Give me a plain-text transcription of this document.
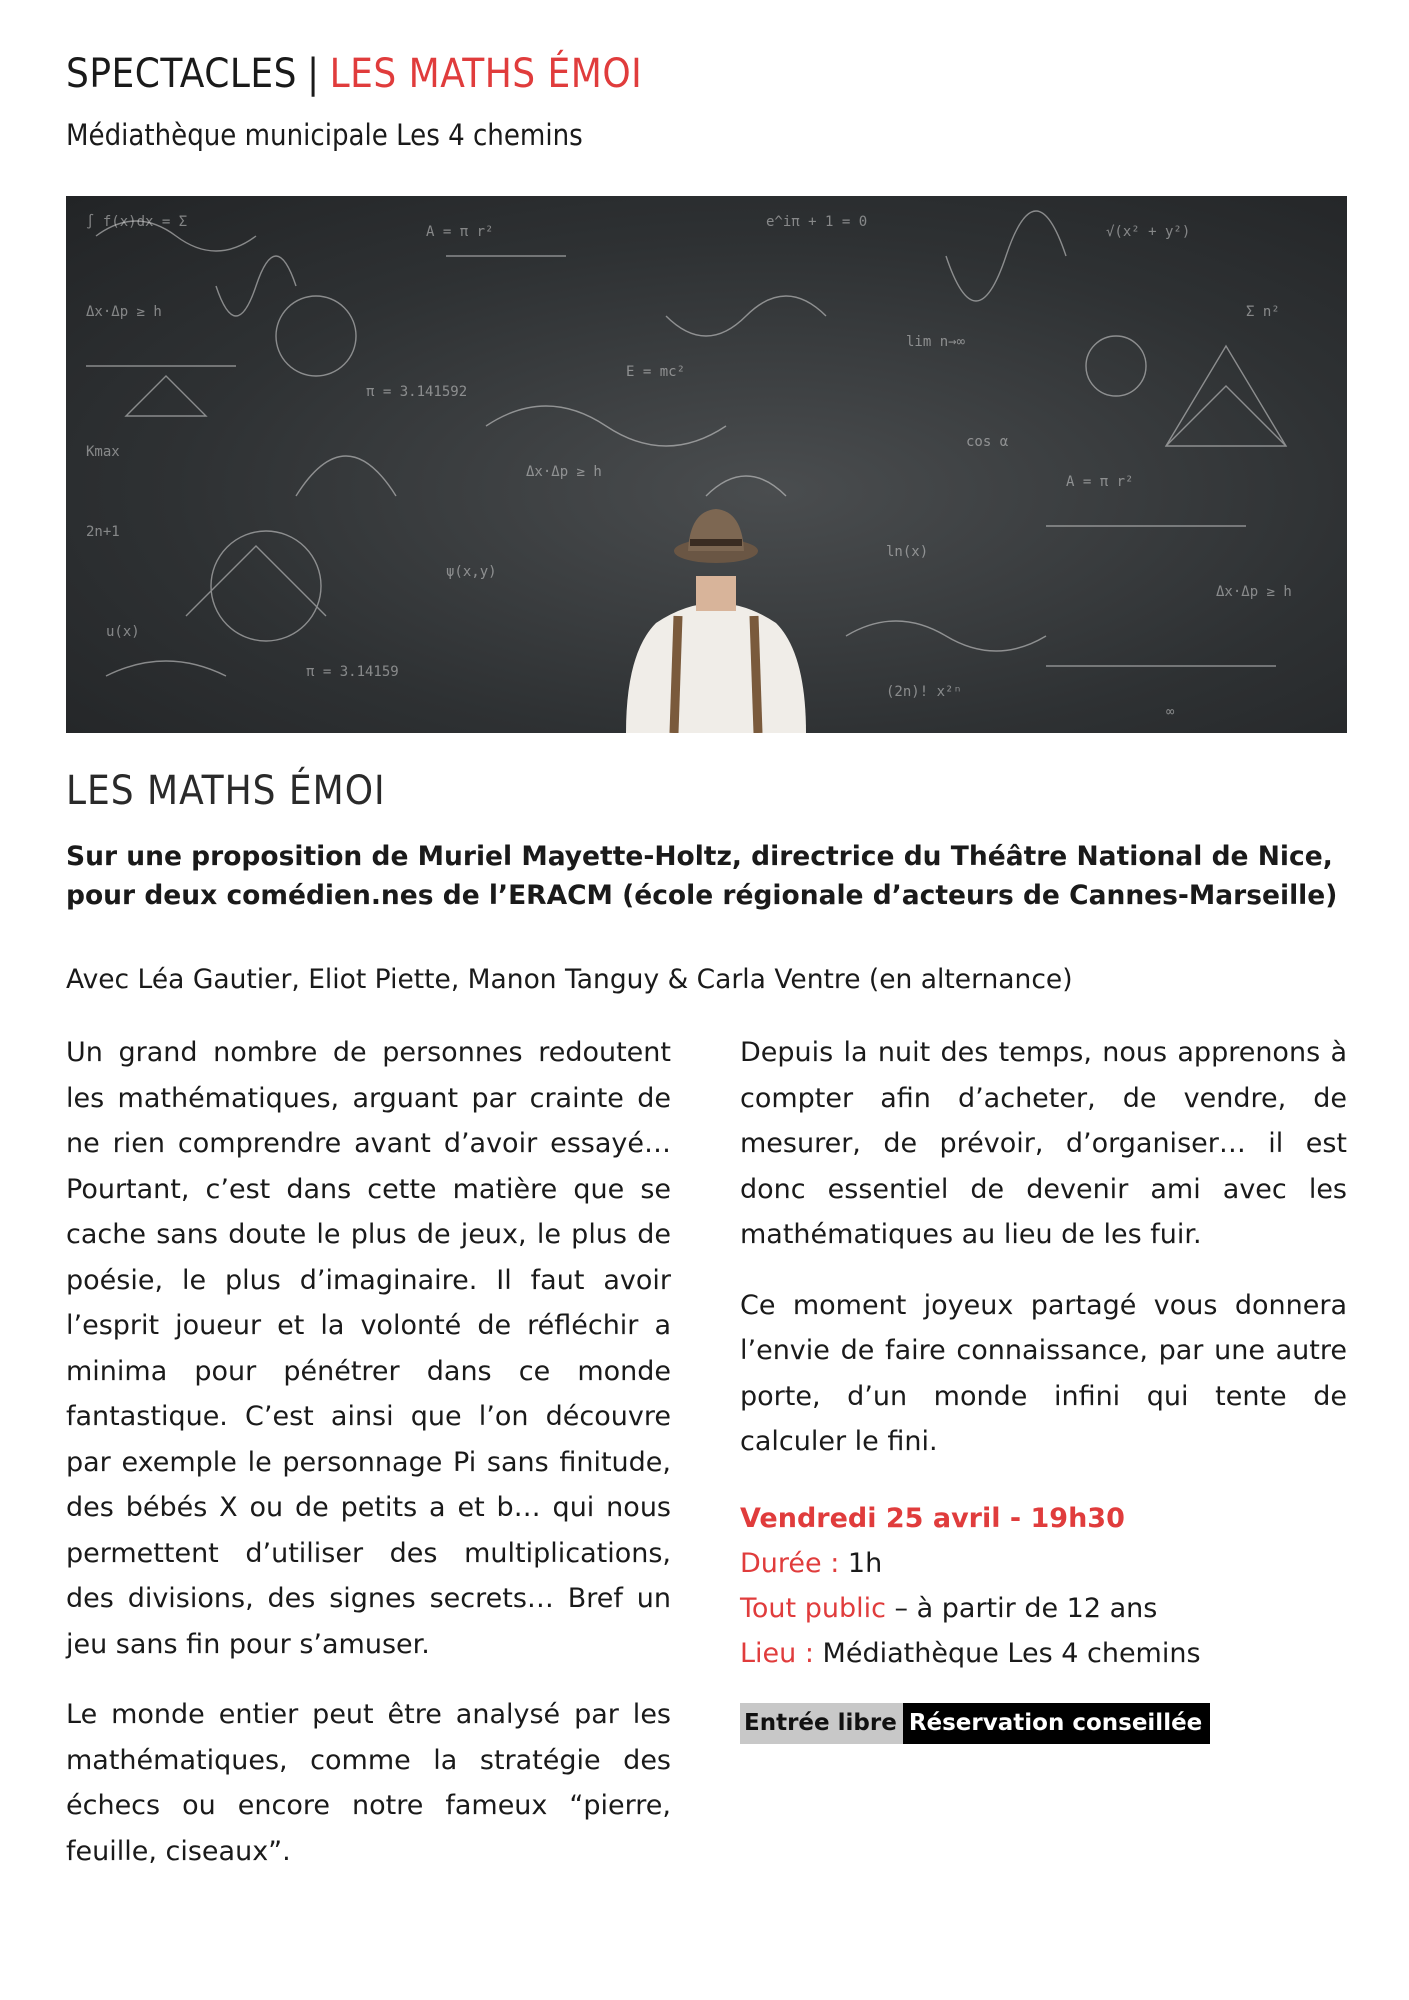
SPECTACLES | LES MATHS ÉMOI
Médiathèque municipale Les 4 chemins
∫ f(x)dx = Σ
A = π r²
e^iπ + 1 = 0
√(x² + y²)
Δx·Δp ≥ h
π = 3.141592
E = mc²
lim n→∞
Σ n²
Kmax
Δx·Δp ≥ h
cos α
A = π r²
2n+1
ψ(x,y)
ln(x)
Δx·Δp ≥ h
u(x)
π = 3.14159
(2n)! x²ⁿ
∞
LES MATHS ÉMOI
Sur une proposition de Muriel Mayette-Holtz, directrice du Théâtre National de Nice, pour deux comédien.nes de l’ERACM (école régionale d’acteurs de Cannes-Marseille)
Avec Léa Gautier, Eliot Piette, Manon Tanguy & Carla Ventre (en alternance)

Un grand nombre de personnes redoutent les mathématiques, arguant par crainte de ne rien comprendre avant d’avoir essayé… Pourtant, c’est dans cette matière que se cache sans doute le plus de jeux, le plus de poésie, le plus d’imaginaire. Il faut avoir l’esprit joueur et la volonté de réfléchir a minima pour pénétrer dans ce monde fantastique. C’est ainsi que l’on découvre par exemple le personnage Pi sans finitude, des bébés X ou de petits a et b… qui nous permettent d’utiliser des multiplications, des divisions, des signes secrets… Bref un jeu sans fin pour s’amuser.

Le monde entier peut être analysé par les mathématiques, comme la stratégie des échecs ou encore notre fameux “pierre, feuille, ciseaux”.

Depuis la nuit des temps, nous apprenons à compter afin d’acheter, de vendre, de mesurer, de prévoir, d’organiser… il est donc essentiel de devenir ami avec les mathématiques au lieu de les fuir.

Ce moment joyeux partagé vous donnera l’envie de faire connaissance, par une autre porte, d’un monde infini qui tente de calculer le fini.

Vendredi 25 avril - 19h30
Durée : 1h
Tout public – à partir de 12 ans
Lieu : Médiathèque Les 4 chemins
Entrée libre Réservation conseillée
